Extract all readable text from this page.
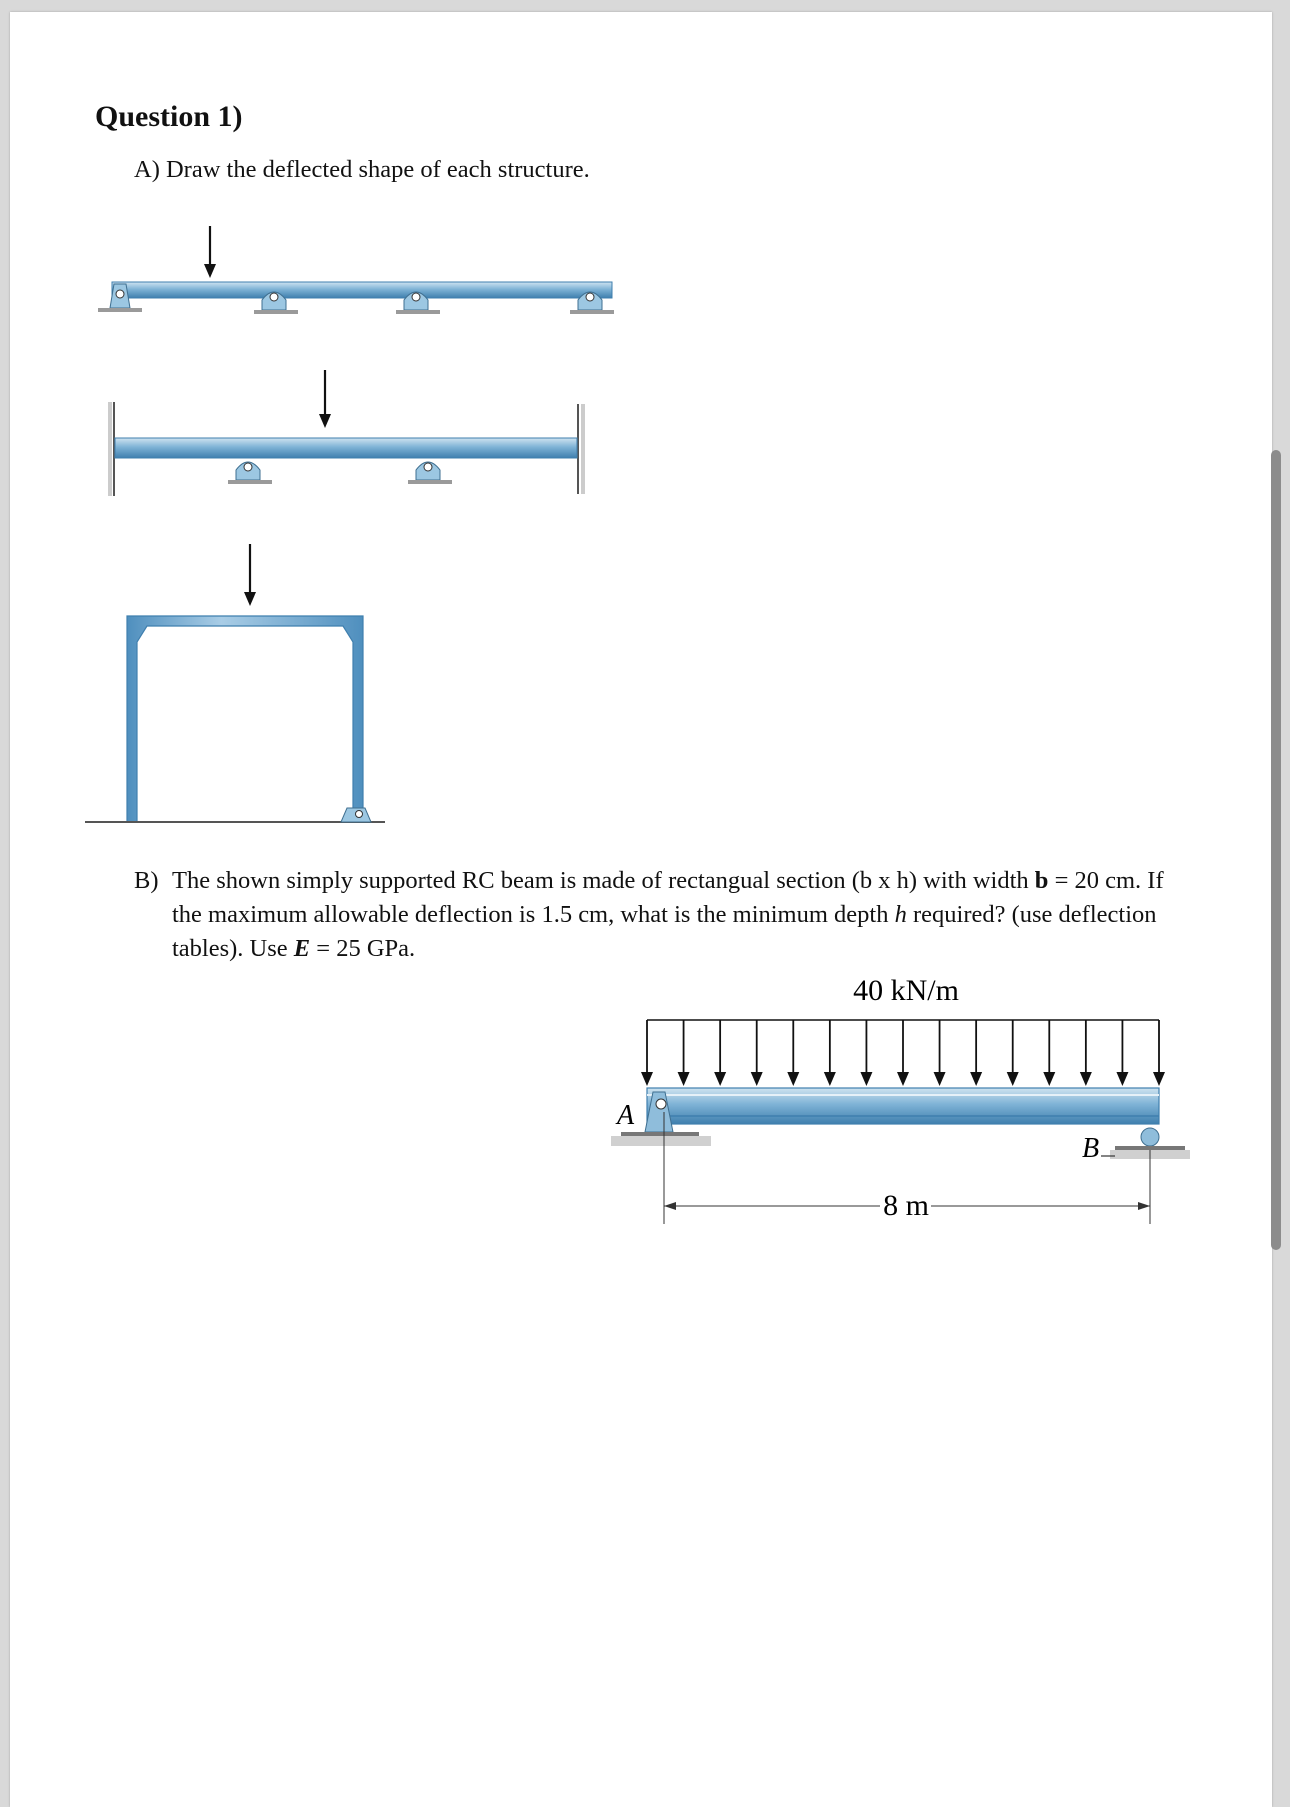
Question 1)
A) Draw the deflected shape of each structure.
B) The shown simply supported RC beam is made of rectangual section (b x h) with width b = 20 cm. If
the maximum allowable deflection is 1.5 cm, what is the minimum depth h required? (use deflection
tables). Use E = 25 GPa.
40 kN/m
A
B
8 m
